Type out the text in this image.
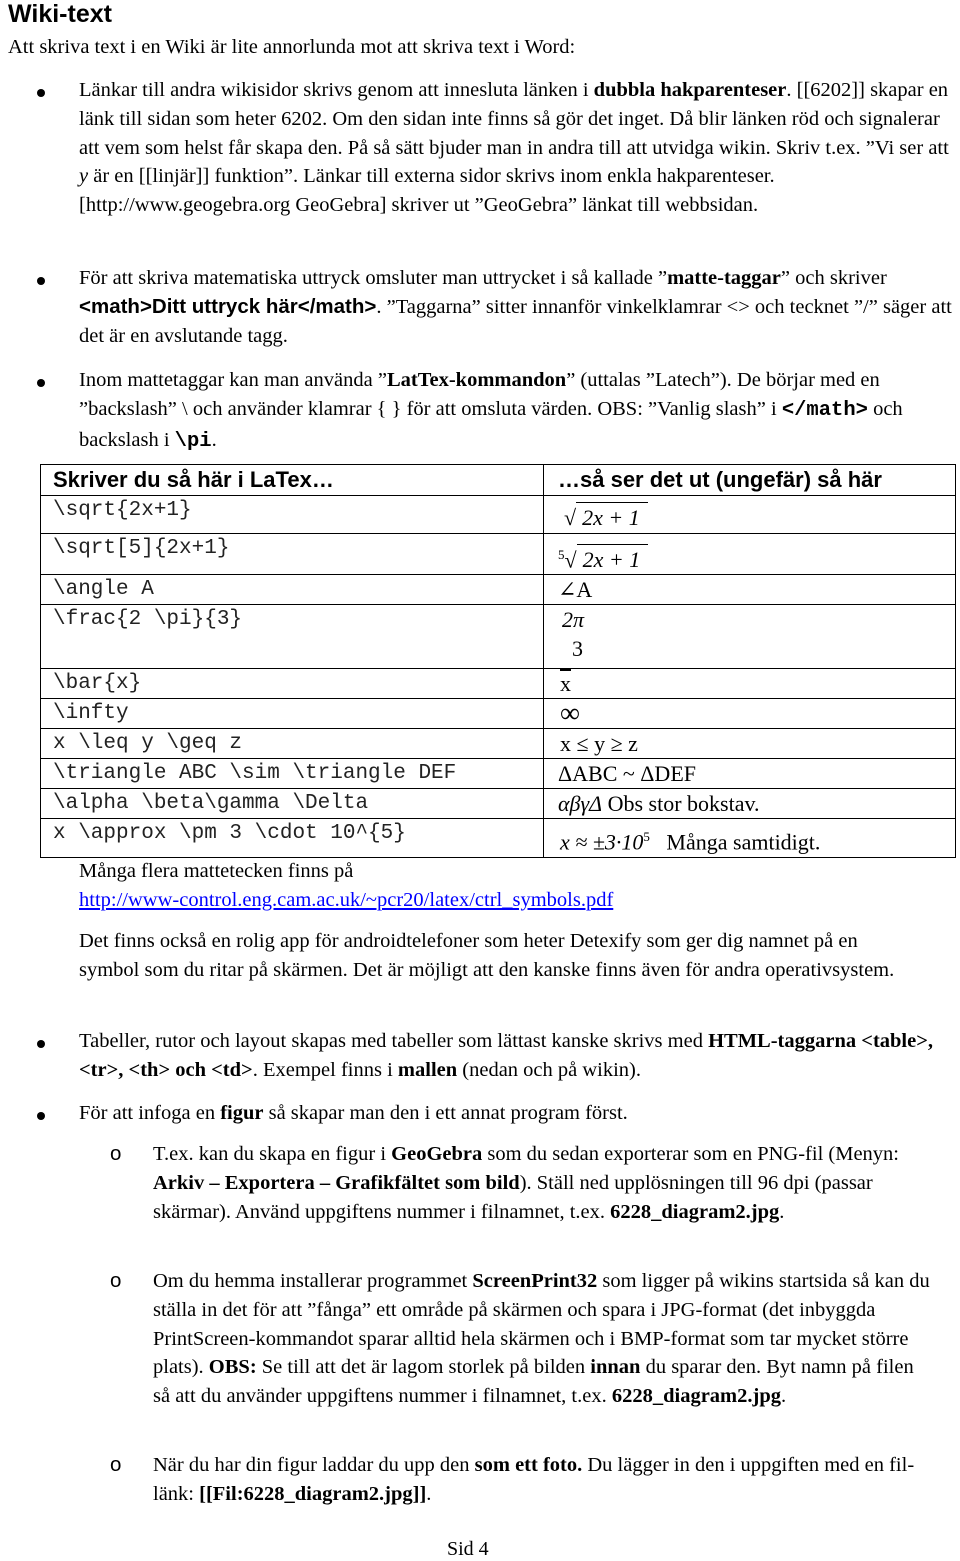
Wiki-text

Att skriva text i en Wiki är lite annorlunda mot att skriva text i Word:

Länkar till andra wikisidor skrivs genom att innesluta länken i dubbla hakparenteser. [[6202]] skapar en länk till sidan som heter 6202. Om den sidan inte finns så gör det inget. Då blir länken röd och signalerar att vem som helst får skapa den. På så sätt bjuder man in andra till att utvidga wikin. Skriv t.ex. ”Vi ser att y är en [[linjär]] funktion”. Länkar till externa sidor skrivs inom enkla hakparenteser. [http://www.geogebra.org GeoGebra] skriver ut ”GeoGebra” länkat till webbsidan.
För att skriva matematiska uttryck omsluter man uttrycket i så kallade ”matte-taggar” och skriver <math>Ditt uttryck här</math>. ”Taggarna” sitter innanför vinkelklamrar <> och tecknet ”/” säger att det är en avslutande tagg.
Inom mattetaggar kan man använda ”LatTex-kommandon” (uttalas ”Latech”). De börjar med en ”backslash” \ och använder klamrar { } för att omsluta värden. OBS: ”Vanlig slash” i </math> och backslash i \pi.
Skriver du så här i LaTex…	…så ser det ut (ungefär) så här
\sqrt{2x+1}	√ 2x + 1
\sqrt[5]{2x+1}	$^5$√ 2x + 1
\angle A	∠A
\frac{2 \pi}{3}	2π
3

\bar{x}	$\overline{x}$
\infty	∞
x \leq y \geq z	x ≤ y ≥ z
\triangle ABC \sim \triangle DEF	ΔABC ~ ΔDEF
\alpha \beta\gamma \Delta	αβγΔ Obs stor bokstav.
x \approx \pm 3 \cdot 10^{5}	$x \approx \pm 3\cdot 10^5$   Många samtidigt.
Många flera mattetecken finns på
http://www-control.eng.cam.ac.uk/~pcr20/latex/ctrl_symbols.pdf
Det finns också en rolig app för androidtelefoner som heter Detexify som ger dig namnet på en symbol som du ritar på skärmen. Det är möjligt att den kanske finns även för andra operativsystem.
Tabeller, rutor och layout skapas med tabeller som lättast kanske skrivs med HTML-taggarna <table>, <tr>, <th> och <td>. Exempel finns i mallen (nedan och på wikin).
För att infoga en figur så skapar man den i ett annat program först.
o T.ex. kan du skapa en figur i GeoGebra som du sedan exporterar som en PNG-fil (Menyn: Arkiv – Exportera – Grafikfältet som bild). Ställ ned upplösningen till 96 dpi (passar skärmar). Använd uppgiftens nummer i filnamnet, t.ex. 6228_diagram2.jpg.
o Om du hemma installerar programmet ScreenPrint32 som ligger på wikins startsida så kan du ställa in det för att ”fånga” ett område på skärmen och spara i JPG-format (det inbyggda PrintScreen-kommandot sparar alltid hela skärmen och i BMP-format som tar mycket större plats). OBS: Se till att det är lagom storlek på bilden innan du sparar den. Byt namn på filen så att du använder uppgiftens nummer i filnamnet, t.ex. 6228_diagram2.jpg.
o När du har din figur laddar du upp den som ett foto. Du lägger in den i uppgiften med en fil-länk: [[Fil:6228_diagram2.jpg]].
Sid 4
